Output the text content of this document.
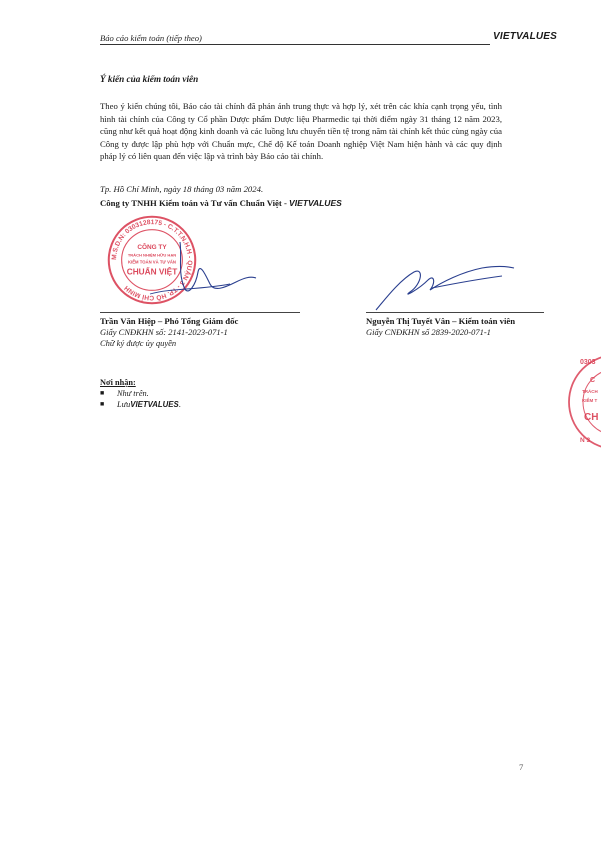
Báo cáo kiểm toán (tiếp theo)	VIETVALUES
Ý kiến của kiểm toán viên

Theo ý kiến chúng tôi, Báo cáo tài chính đã phản ánh trung thực và hợp lý, xét trên các khía cạnh trọng yếu, tình hình tài chính của Công ty Cổ phần Dược phẩm Dược liệu Pharmedic tại thời điểm ngày 31 tháng 12 năm 2023, cũng như kết quả hoạt động kinh doanh và các luồng lưu chuyển tiền tệ trong năm tài chính kết thúc cùng ngày của Công ty được lập phù hợp với Chuẩn mực, Chế độ Kế toán Doanh nghiệp Việt Nam hiện hành và các quy định pháp lý có liên quan đến việc lập và trình bày Báo cáo tài chính.

Tp. Hồ Chí Minh, ngày 18 tháng 03 năm 2024.
Công ty TNHH Kiểm toán và Tư vấn Chuẩn Việt - VIETVALUES
M.S.D.N: 0303128175 - C.T.T.N.H.H - QUẬN 3 - TP. HỒ CHÍ MINH
CÔNG TY
TRÁCH NHIỆM HỮU HẠN
KIỂM TOÁN VÀ TƯ VẤN
CHUẨN VIỆT
Trần Văn Hiệp – Phó Tổng Giám đốc
Giấy CNĐKHN số: 2141-2023-071-1
Chữ ký được ủy quyền
Nguyễn Thị Tuyết Vân – Kiểm toán viên
Giấy CNĐKHN số 2839-2020-071-1
Nơi nhận:
■	Như trên.
■	Lưu VIETVALUES .
0303
C
TRÁCH
KIỂM T
CH
N 3
7
